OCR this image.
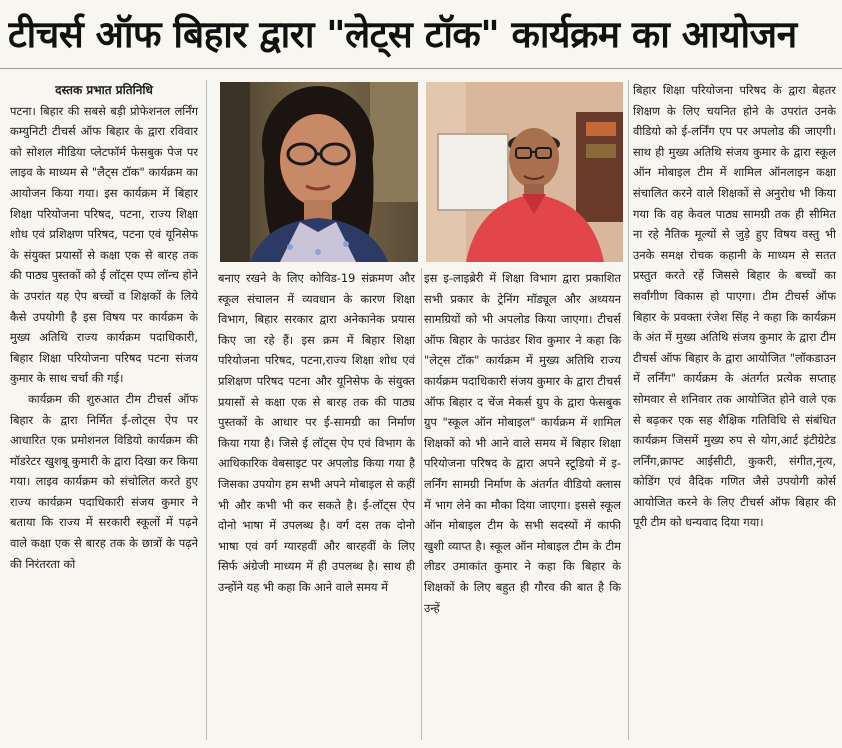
टीचर्स ऑफ बिहार द्वारा "लेट्स टॉक" कार्यक्रम का आयोजन

दस्तक प्रभात प्रतिनिधि

पटना। बिहार की सबसे बड़ी प्रोफेशनल लर्निंग कम्युनिटी टीचर्स ऑफ बिहार के द्वारा रविवार को सोशल मीडिया प्लेटफॉर्म फेसबुक पेज पर लाइव के माध्यम से "लैट्स टॉक" कार्यक्रम का आयोजन किया गया। इस कार्यक्रम में बिहार शिक्षा परियोजना परिषद, पटना, राज्य शिक्षा शोध एवं प्रशिक्षण परिषद, पटना एवं यूनिसेफ के संयुक्त प्रयासों से कक्षा एक से बारह तक की पाठ्य पुस्तकों को ई लॉट्स एप्प लॉन्च होने के उपरांत यह ऐप बच्चों व शिक्षकों के लिये कैसे उपयोगी है इस विषय पर कार्यक्रम के मुख्य अतिथि राज्य कार्यक्रम पदाधिकारी, बिहार शिक्षा परियोजना परिषद पटना संजय कुमार के साथ चर्चा की गई।

कार्यक्रम की शुरुआत टीम टीचर्स ऑफ बिहार के द्वारा निर्मित ई-लोट्स ऐप पर आधारित एक प्रमोशनल विडियो कार्यक्रम की मॉडरेटर खुशबू कुमारी के द्वारा दिखा कर किया गया। लाइव कार्यक्रम को संचोलित करते हुए राज्य कार्यक्रम पदाधिकारी संजय कुमार ने बताया कि राज्य में सरकारी स्कूलों में पढ़ने वाले कक्षा एक से बारह तक के छात्रों के पढ़ने की निरंतरता को

बनाए रखने के लिए कोविड-19 संक्रमण और स्कूल संचालन में व्यवधान के कारण शिक्षा विभाग, बिहार सरकार द्वारा अनेकानेक प्रयास किए जा रहे हैं। इस क्रम में बिहार शिक्षा परियोजना परिषद, पटना,राज्य शिक्षा शोध एवं प्रशिक्षण परिषद पटना और यूनिसेफ के संयुक्त प्रयासों से कक्षा एक से बारह तक की पाठ्य पुस्तकों के आधार पर ई-सामग्री का निर्माण किया गया है। जिसे ई लॉट्स ऐप एवं विभाग के आधिकारिक वेबसाइट पर अपलोड किया गया है जिसका उपयोग हम सभी अपने मोबाइल से कहीं भी और कभी भी कर सकते है। ई-लॉट्स ऐप दोनो भाषा में उपलब्ध है। वर्ग दस तक दोनो भाषा एवं वर्ग ग्यारहवीं और बारहवीं के लिए सिर्फ अंग्रेजी माध्यम में ही उपलब्ध है। साथ ही उन्होंने यह भी कहा कि आने वाले समय में

इस इ-लाइब्रेरी में शिक्षा विभाग द्वारा प्रकाशित सभी प्रकार के ट्रेनिंग मॉड्यूल और अध्ययन सामग्रियों को भी अपलोड किया जाएगा। टीचर्स ऑफ बिहार के फाउंडर शिव कुमार ने कहा कि "लेट्स टॉक" कार्यक्रम में मुख्य अतिथि राज्य कार्यक्रम पदाधिकारी संजय कुमार के द्वारा टीचर्स ऑफ बिहार द चेंज मेकर्स ग्रुप के द्वारा फेसबुक ग्रुप "स्कूल ऑन मोबाइल" कार्यक्रम में शामिल शिक्षकों को भी आने वाले समय में बिहार शिक्षा परियोजना परिषद के द्वारा अपने स्टूडियो में इ-लर्निंग सामग्री निर्माण के अंतर्गत वीडियो क्लास में भाग लेने का मौका दिया जाएगा। इससे स्कूल ऑन मोबाइल टीम के सभी सदस्यों में काफी खुशी व्याप्त है। स्कूल ऑन मोबाइल टीम के टीम लीडर उमाकांत कुमार ने कहा कि बिहार के शिक्षकों के लिए बहुत ही गौरव की बात है कि उन्हें

बिहार शिक्षा परियोजना परिषद के द्वारा बेहतर शिक्षण के लिए चयनित होने के उपरांत उनके वीडियो को ई-लर्निंग एप पर अपलोड की जाएगी। साथ ही मुख्य अतिथि संजय कुमार के द्वारा स्कूल ऑन मोबाइल टीम में शामिल ऑनलाइन कक्षा संचालित करने वाले शिक्षकों से अनुरोध भी किया गया कि वह केवल पाठ्य सामग्री तक ही सीमित ना रहे नैतिक मूल्यों से जुड़े हुए विषय वस्तु भी उनके समक्ष रोचक कहानी के माध्यम से सतत प्रस्तुत करते रहें जिससे बिहार के बच्चों का सर्वांगीण विकास हो पाएगा। टीम टीचर्स ऑफ बिहार के प्रवक्ता रंजेश सिंह ने कहा कि कार्यक्रम के अंत में मुख्य अतिथि संजय कुमार के द्वारा टीम टीचर्स ऑफ बिहार के द्वारा आयोजित "लॉकडाउन में लर्निंग" कार्यक्रम के अंतर्गत प्रत्येक सप्ताह सोमवार से शनिवार तक आयोजित होने वाले एक से बढ़कर एक सह शैक्षिक गतिविधि से संबंधित कार्यक्रम जिसमें मुख्य रुप से योग,आर्ट इंटीग्रेटेड लर्निंग,क्राफ्ट आईसीटी, कुकरी, संगीत,नृत्य, कोडिंग एवं वैदिक गणित जैसे उपयोगी कोर्स आयोजित करने के लिए टीचर्स ऑफ बिहार की पूरी टीम को धन्यवाद दिया गया।
